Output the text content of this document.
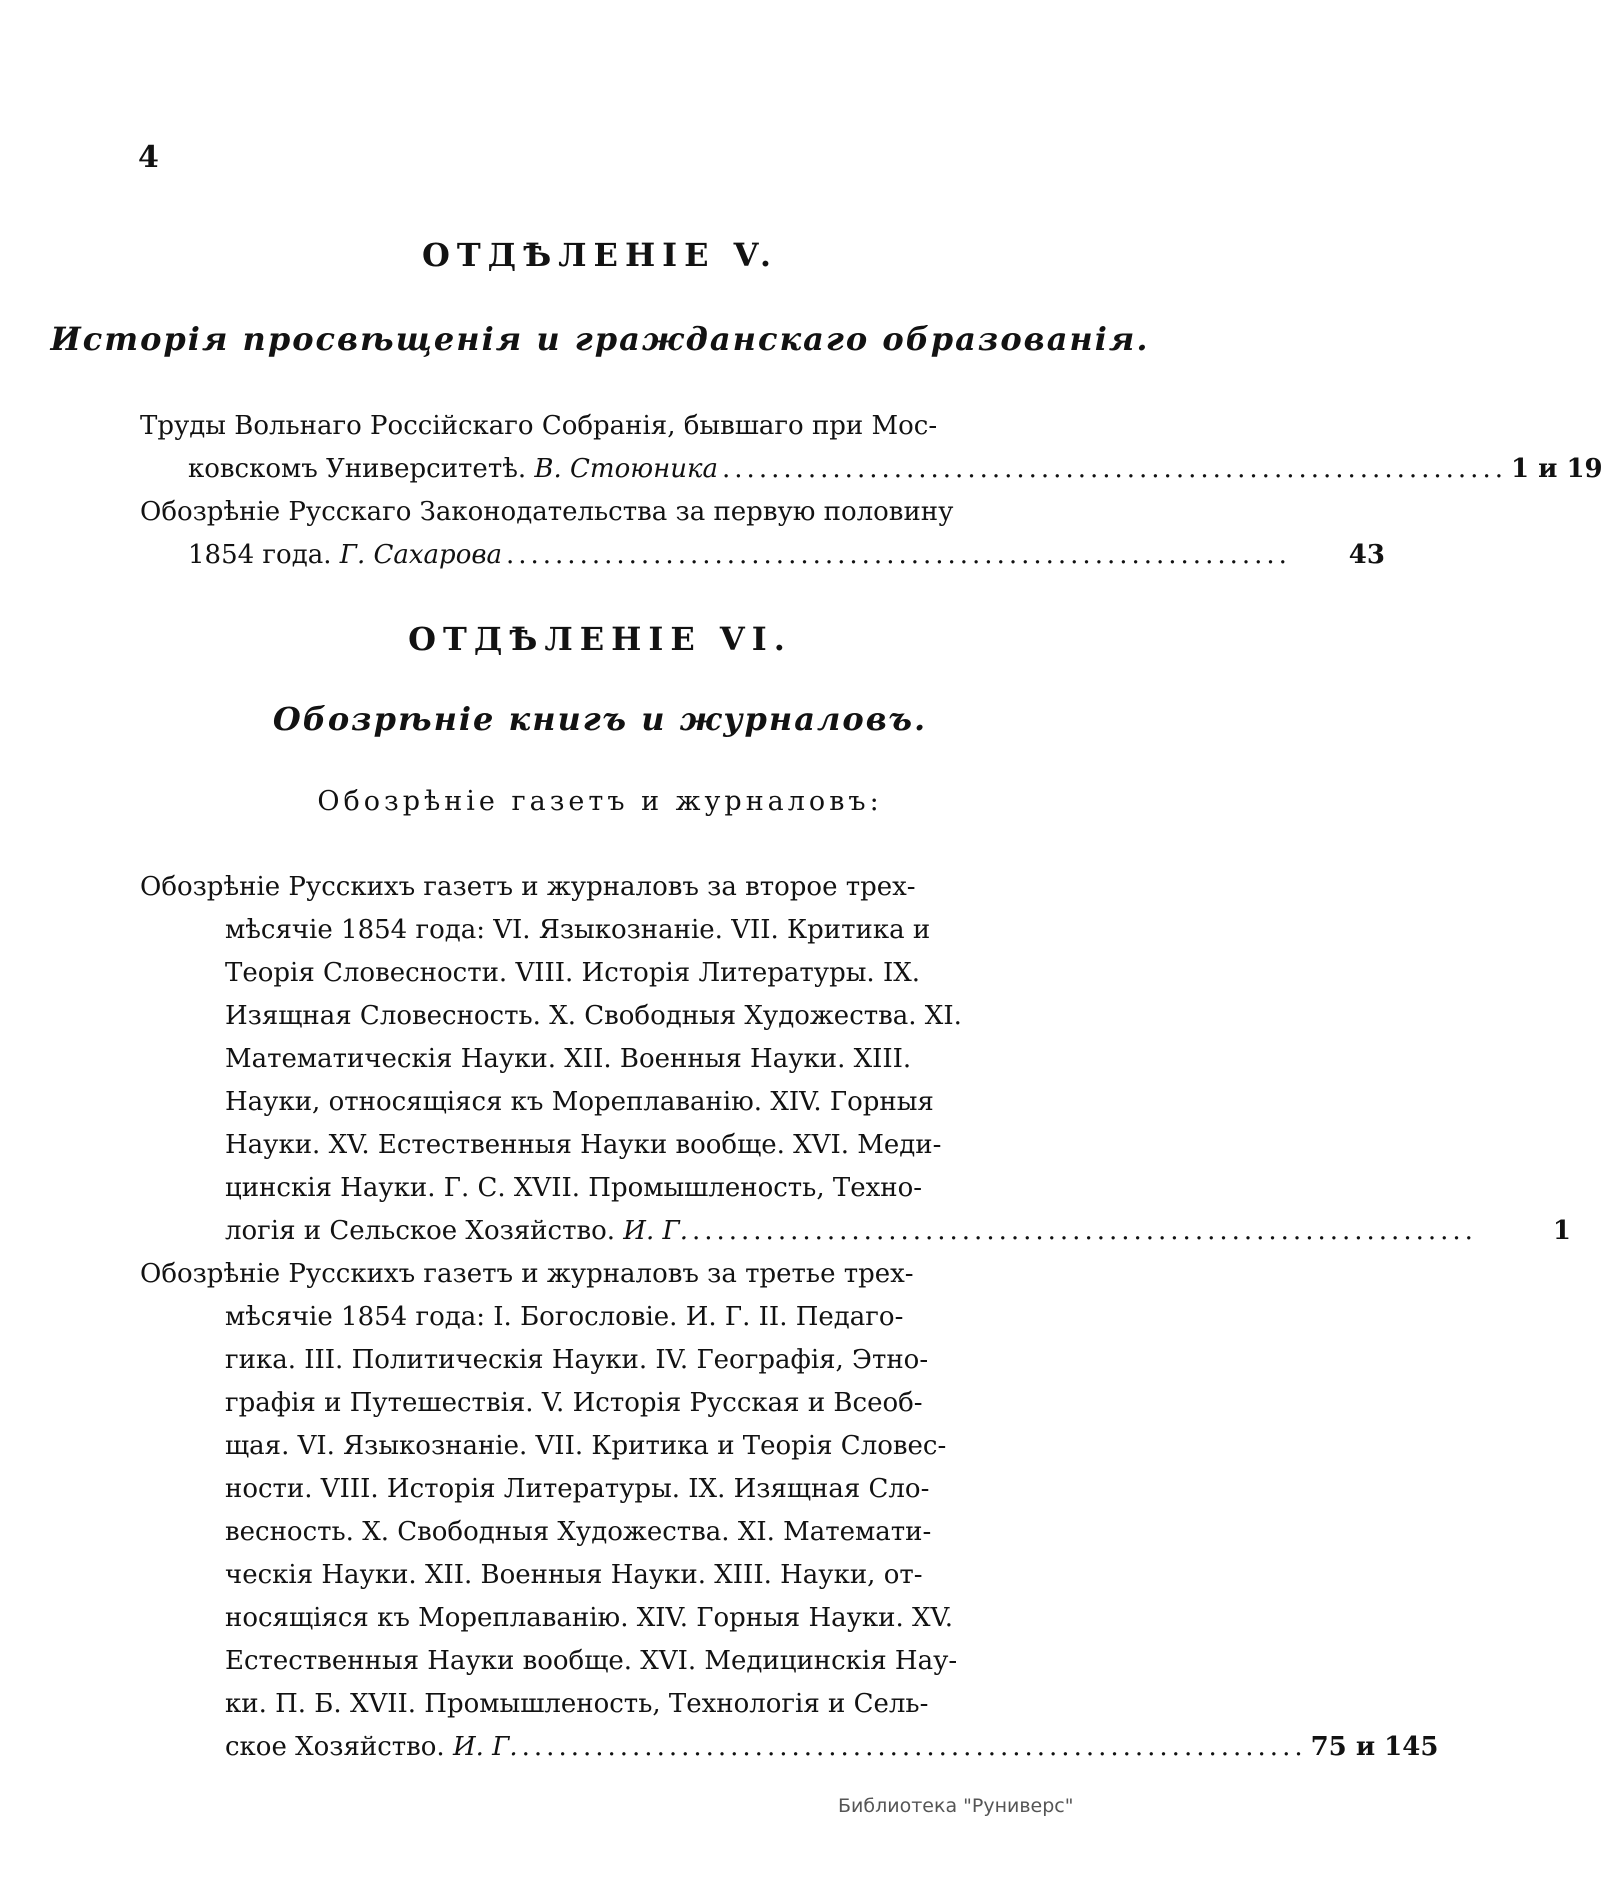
4
ОТДѢЛЕНІЕ V.
Исторія просвѣщенія и гражданскаго образованія.

Труды Вольнаго Россійскаго Собранія, бывшаго при Мос-

ковскомъ Университетѣ.
В. Стоюника ................................................................ 1 и 19

Обозрѣніе Русскаго Законодательства за первую половину

1854 года.
Г. Сахарова ................................................................	43
ОТДѢЛЕНІЕ VI.
Обозрѣніе книгъ и журналовъ.
Обозрѣніе газетъ и журналовъ:

Обозрѣніе Русскихъ газетъ и журналовъ за второе трех-

мѣсячіе 1854 года: VI. Языкознаніе. VII. Критика и

Теорія Словесности. VIII. Исторія Литературы. IX.

Изящная Словесность. X. Свободныя Художества. XI.

Математическія Науки. XII. Военныя Науки. XIII.

Науки, относящіяся къ Мореплаванію. XIV. Горныя

Науки. XV. Естественныя Науки вообще. XVI. Меди-

цинскія Науки. Г. С. XVII. Промышленость, Техно-

логія и Сельское Хозяйство.
И. Г. ................................................................	1

Обозрѣніе Русскихъ газетъ и журналовъ за третье трех-

мѣсячіе 1854 года: I. Богословіе. И. Г. II. Педаго-

гика. III. Политическія Науки. IV. Географія, Этно-

графія и Путешествія. V. Исторія Русская и Всеоб-

щая. VI. Языкознаніе. VII. Критика и Теорія Словес-

ности. VIII. Исторія Литературы. IX. Изящная Сло-

весность. X. Свободныя Художества. XI. Математи-

ческія Науки. XII. Военныя Науки. XIII. Науки, от-

носящіяся къ Мореплаванію. XIV. Горныя Науки. XV.

Естественныя Науки вообще. XVI. Медицинскія Нау-

ки. П. Б. XVII. Промышленость, Технологія и Сель-

ское Хозяйство.
И. Г. ................................................................ 75 и 145
Библиотека "Руниверс"
